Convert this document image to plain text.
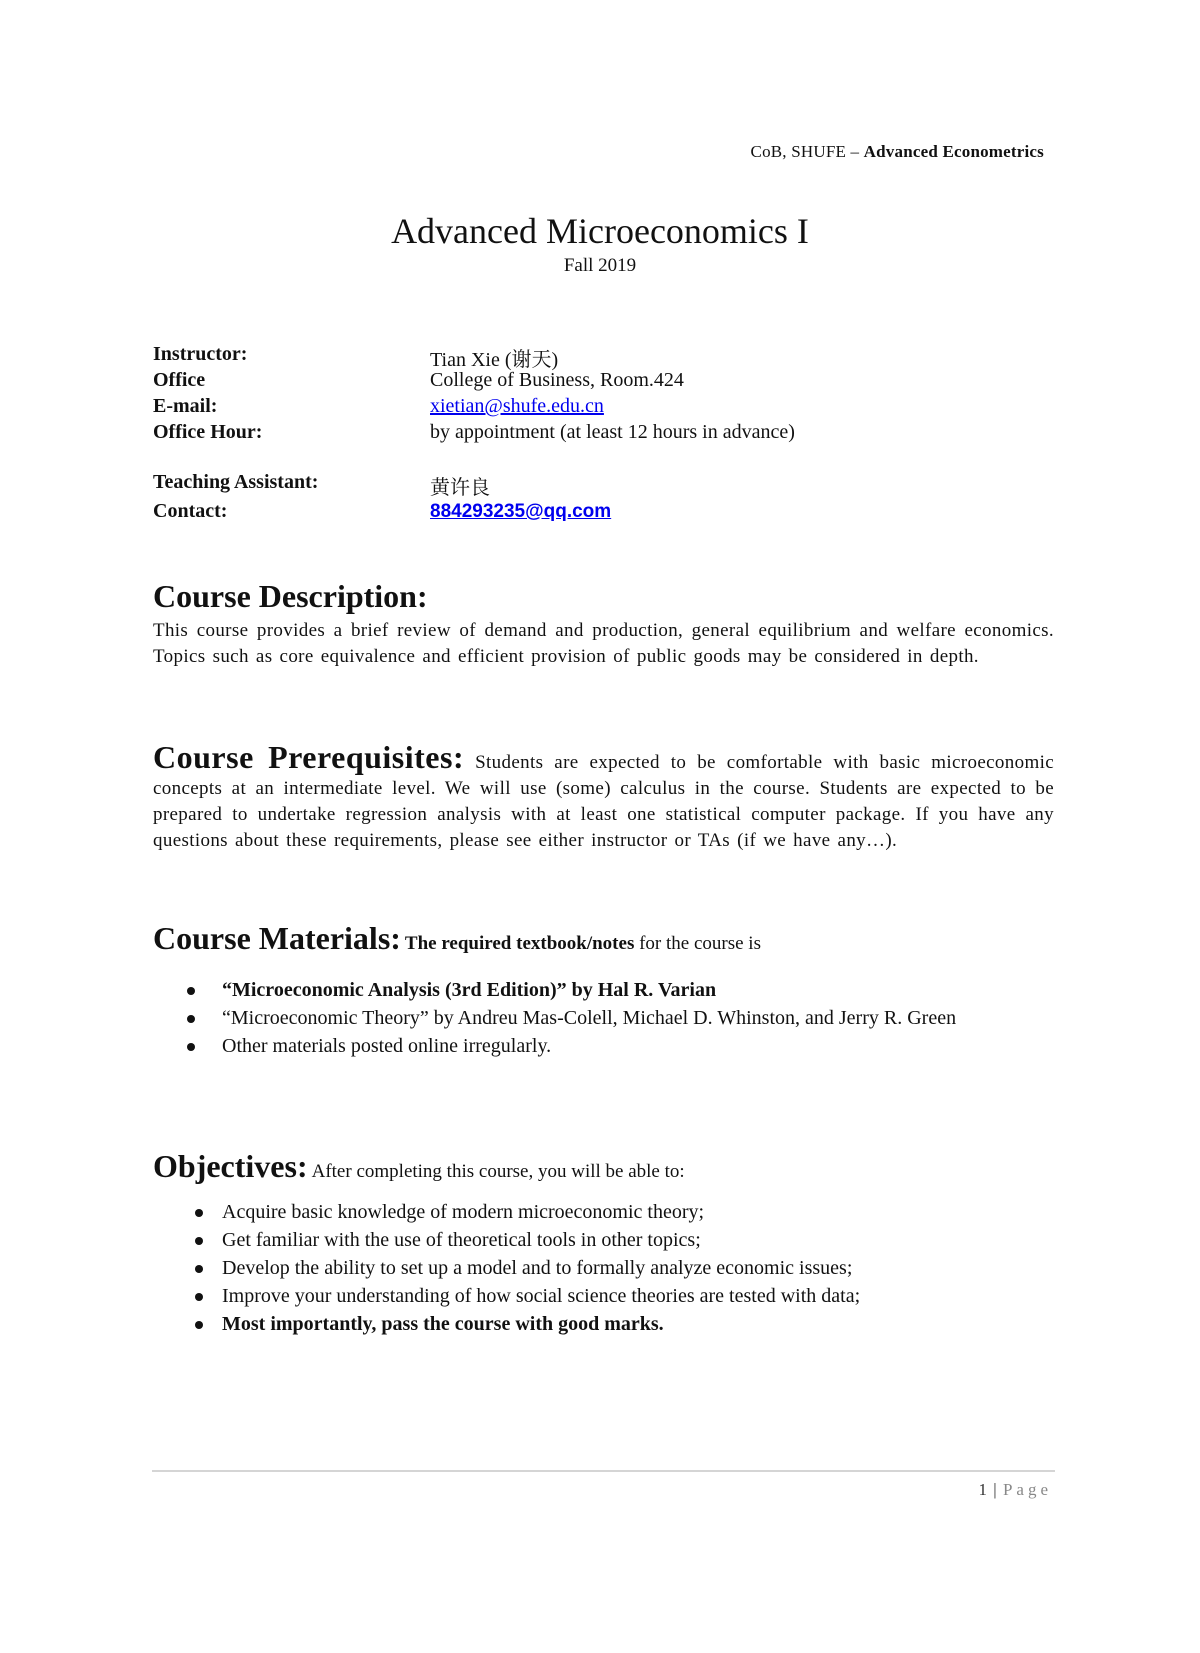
CoB, SHUFE – Advanced Econometrics
Advanced Microeconomics I
Fall 2019
Instructor:	Tian Xie (谢天)
Office	College of Business, Room.424
E-mail:	xietian@shufe.edu.cn
Office Hour:	by appointment (at least 12 hours in advance)
Teaching Assistant:	黄许良
Contact:	884293235@qq.com
Course Description:
This course provides a brief review of demand and production, general equilibrium and welfare economics. Topics such as core equivalence and efficient provision of public goods may be considered in depth.
Course Prerequisites: Students are expected to be comfortable with basic microeconomic concepts at an intermediate level. We will use (some) calculus in the course. Students are expected to be prepared to undertake regression analysis with at least one statistical computer package. If you have any questions about these requirements, please see either instructor or TAs (if we have any…).
Course Materials: The required textbook/notes for the course is
“Microeconomic Analysis (3rd Edition)” by Hal R. Varian
“Microeconomic Theory” by Andreu Mas-Colell, Michael D. Whinston, and Jerry R. Green
Other materials posted online irregularly.
Objectives: After completing this course, you will be able to:
Acquire basic knowledge of modern microeconomic theory;
Get familiar with the use of theoretical tools in other topics;
Develop the ability to set up a model and to formally analyze economic issues;
Improve your understanding of how social science theories are tested with data;
Most importantly, pass the course with good marks.
1 | Page
